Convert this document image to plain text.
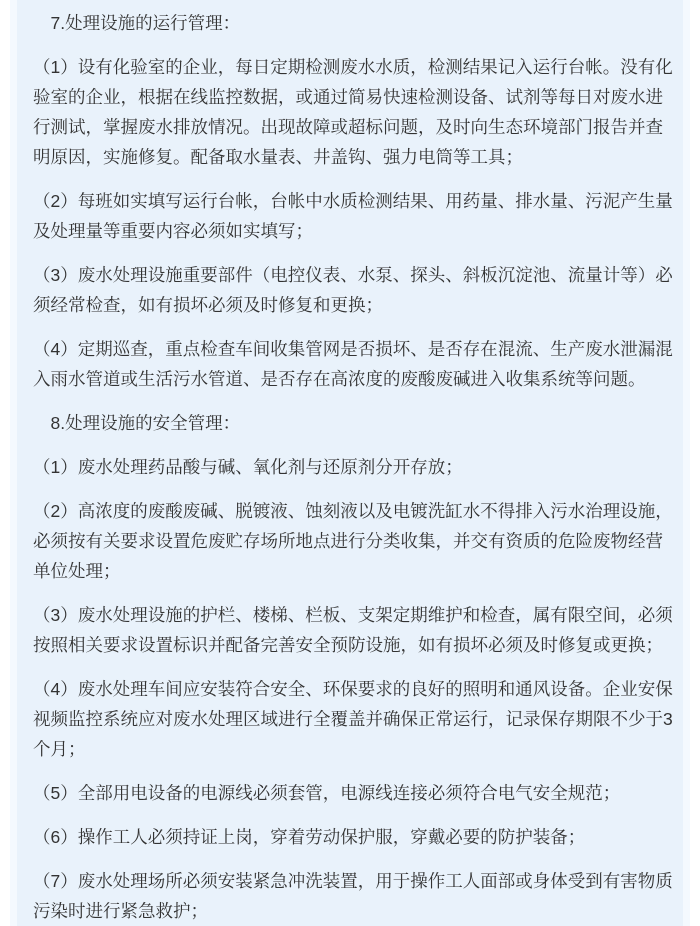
7.处理设施的运行管理：

（1）设有化验室的企业，每日定期检测废水水质，检测结果记入运行台帐。没有化验室的企业，根据在线监控数据，或通过简易快速检测设备、试剂等每日对废水进行测试，掌握废水排放情况。出现故障或超标问题，及时向生态环境部门报告并查明原因，实施修复。配备取水量表、井盖钩、强力电筒等工具；

（2）每班如实填写运行台帐，台帐中水质检测结果、用药量、排水量、污泥产生量及处理量等重要内容必须如实填写；

（3）废水处理设施重要部件（电控仪表、水泵、探头、斜板沉淀池、流量计等）必须经常检查，如有损坏必须及时修复和更换；

（4）定期巡查，重点检查车间收集管网是否损坏、是否存在混流、生产废水泄漏混入雨水管道或生活污水管道、是否存在高浓度的废酸废碱进入收集系统等问题。

8.处理设施的安全管理：

（1）废水处理药品酸与碱、氧化剂与还原剂分开存放；

（2）高浓度的废酸废碱、脱镀液、蚀刻液以及电镀洗缸水不得排入污水治理设施，必须按有关要求设置危废贮存场所地点进行分类收集，并交有资质的危险废物经营单位处理；

（3）废水处理设施的护栏、楼梯、栏板、支架定期维护和检查，属有限空间，必须按照相关要求设置标识并配备完善安全预防设施，如有损坏必须及时修复或更换；

（4）废水处理车间应安装符合安全、环保要求的良好的照明和通风设备。企业安保视频监控系统应对废水处理区域进行全覆盖并确保正常运行，记录保存期限不少于3个月；

（5）全部用电设备的电源线必须套管，电源线连接必须符合电气安全规范；

（6）操作工人必须持证上岗，穿着劳动保护服，穿戴必要的防护装备；

（7）废水处理场所必须安装紧急冲洗装置，用于操作工人面部或身体受到有害物质污染时进行紧急救护；
